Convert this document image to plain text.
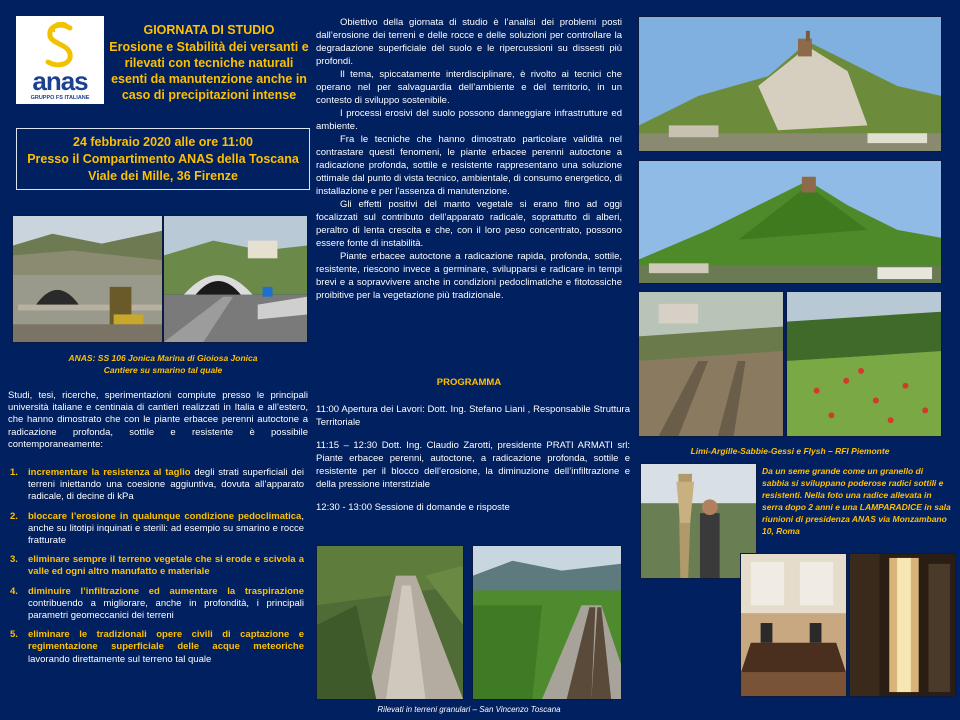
anas
GRUPPO FS ITALIANE
GIORNATA DI STUDIO
Erosione e Stabilità dei versanti e rilevati con tecniche naturali esenti da manutenzione anche in caso di precipitazioni intense
24 febbraio 2020 alle ore 11:00
Presso il Compartimento ANAS della Toscana
Viale dei Mille, 36 Firenze
ANAS: SS 106 Jonica Marina di Gioiosa Jonica
Cantiere su smarino tal quale
Studi, tesi, ricerche, sperimentazioni compiute presso le principali università italiane e centinaia di cantieri realizzati in Italia e all’estero, che hanno dimostrato che con le piante erbacee perenni autoctone a radicazione profonda, sottile e resistente è possibile contemporaneamente:
1. incrementare la resistenza al taglio degli strati superficiali dei terreni iniettando una coesione aggiuntiva, dovuta all’apparato radicale, di decine di kPa
2. bloccare l’erosione in qualunque condizione pedoclimatica, anche su litotipi inquinati e sterili: ad esempio su smarino e rocce fratturate
3. eliminare sempre il terreno vegetale che si erode e scivola a valle ed ogni altro manufatto e materiale
4. diminuire l’infiltrazione ed aumentare la traspirazione contribuendo a migliorare, anche in profondità, i principali parametri geomeccanici dei terreni
5. eliminare le tradizionali opere civili di captazione e regimentazione superficiale delle acque meteoriche lavorando direttamente sul terreno tal quale

Obiettivo della giornata di studio è l’analisi dei problemi posti dall’erosione dei terreni e delle rocce e delle soluzioni per controllare la degradazione superficiale del suolo e le ripercussioni su dissesti più profondi.

Il tema, spiccatamente interdisciplinare, è rivolto ai tecnici che operano nel per salvaguardia dell’ambiente e del territorio, in un contesto di sviluppo sostenibile.

I processi erosivi del suolo possono danneggiare infrastrutture ed ambiente.

Fra le tecniche che hanno dimostrato particolare validità nel contrastare questi fenomeni, le piante erbacee perenni autoctone a radicazione profonda, sottile e resistente rappresentano una soluzione ottimale dal punto di vista tecnico, ambientale, di consumo energetico, di installazione e per l’assenza di manutenzione.

Gli effetti positivi del manto vegetale si erano fino ad oggi focalizzati sul contributo dell’apparato radicale, soprattutto di alberi, peraltro di lenta crescita e che, con il loro peso concentrato, possono essere fonte di instabilità.

Piante erbacee autoctone a radicazione rapida, profonda, sottile, resistente, riescono invece a germinare, svilupparsi e radicare in tempi brevi e a sopravvivere anche in condizioni pedoclimatiche e fitotossiche proibitive per la vegetazione più tradizionale.

PROGRAMMA

11:00 Apertura dei Lavori: Dott. Ing. Stefano Liani , Responsabile Struttura Territoriale

11:15 – 12:30 Dott. Ing. Claudio Zarotti, presidente PRATI ARMATI srl: Piante erbacee perenni, autoctone, a radicazione profonda, sottile e resistente per il blocco dell’erosione, la diminuzione dell’infiltrazione e della pressione interstiziale

12:30 - 13:00 Sessione di domande e risposte

Rilevati in terreni granulari – San Vincenzo Toscana
Limi-Argille-Sabbie-Gessi e Flysh – RFI Piemonte
Da un seme grande come un granello di sabbia si sviluppano poderose radici sottili e resistenti. Nella foto una radice allevata in serra dopo 2 anni e una LAMPARADICE in sala riunioni di presidenza ANAS via Monzambano 10, Roma
